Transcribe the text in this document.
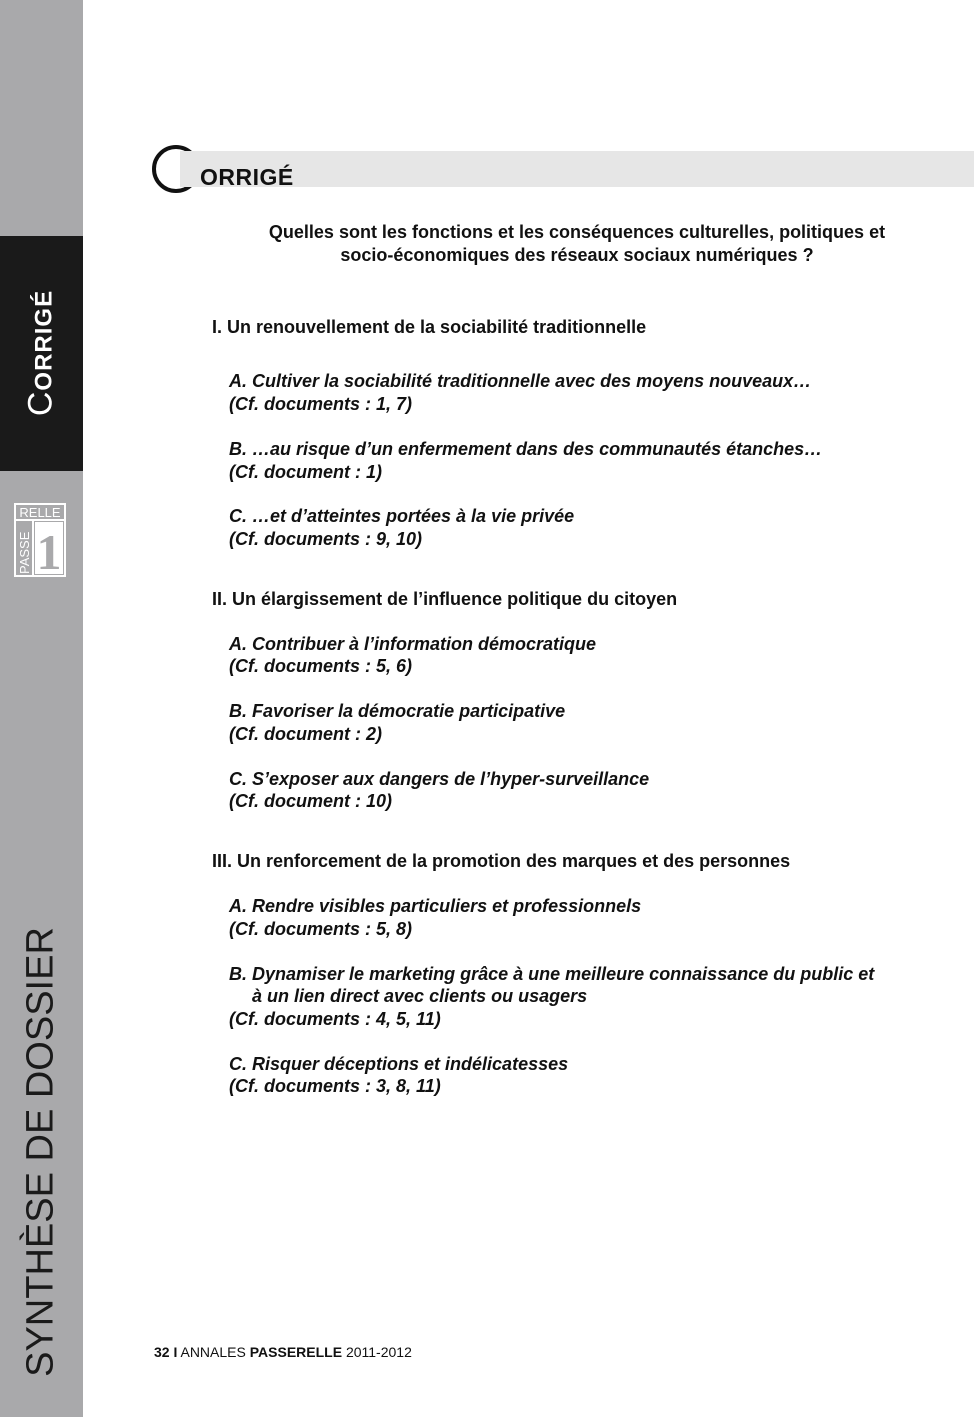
CORRIGÉ
RELLE
PASSE 1
SYNTHÈSE DE DOSSIER
ORRIGÉ
Quelles sont les fonctions et les conséquences culturelles, politiques et
socio-économiques des réseaux sociaux numériques ?
I. Un renouvellement de la sociabilité traditionnelle
A. Cultiver la sociabilité traditionnelle avec des moyens nouveaux…
(Cf. documents : 1, 7)
B. …au risque d’un enfermement dans des communautés étanches…
(Cf. document : 1)
C. …et d’atteintes portées à la vie privée
(Cf. documents : 9, 10)
II. Un élargissement de l’influence politique du citoyen
A. Contribuer à l’information démocratique
(Cf. documents : 5, 6)
B. Favoriser la démocratie participative
(Cf. document : 2)
C. S’exposer aux dangers de l’hyper-surveillance
(Cf. document : 10)
III. Un renforcement de la promotion des marques et des personnes
A. Rendre visibles particuliers et professionnels
(Cf. documents : 5, 8)
B. Dynamiser le marketing grâce à une meilleure connaissance du public et
à un lien direct avec clients ou usagers
(Cf. documents : 4, 5, 11)
C. Risquer déceptions et indélicatesses
(Cf. documents : 3, 8, 11)
32 I ANNALES PASSERELLE 2011-2012
